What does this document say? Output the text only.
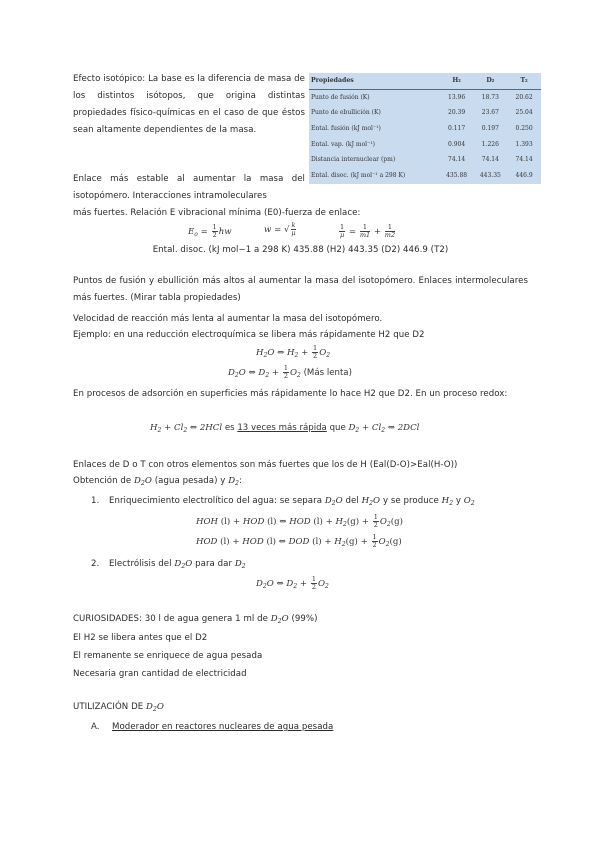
Efecto isotópico: La base es la diferencia de masa de los distintos isótopos, que origina distintas propiedades físico-químicas en el caso de que éstos sean altamente dependientes de la masa.
Propiedades	H₂	D₂	T₂
Punto de fusión (K)	13.96	18.73	20.62
Punto de ebullición (K)	20.39	23.67	25.04
Ental. fusión (kJ mol⁻¹)	0.117	0.197	0.250
Ental. vap. (kJ mol⁻¹)	0.904	1.226	1.393
Distancia internuclear (pm)	74.14	74.14	74.14
Ental. disoc. (kJ mol⁻¹ a 298 K)	435.88	443.35	446.9
Enlace más estable al aumentar la masa del isotopómero. Interacciones intramoleculares
más fuertes. Relación E vibracional mínima (E0)-fuerza de enlace:
$E_o = \frac{1}{2}$ hw	w = √ $\frac{k}{\mu}$	$\frac{1}{\mu} = \frac{1}{m1} + \frac{1}{m2}$
Ental. disoc. (kJ mol−1 a 298 K) 435.88 (H2) 443.35 (D2) 446.9 (T2)
Puntos de fusión y ebullición más altos al aumentar la masa del isotopómero. Enlaces intermoleculares más fuertes. (Mirar tabla propiedades)
Velocidad de reacción más lenta al aumentar la masa del isotopómero.
Ejemplo: en una reducción electroquímica se libera más rápidamente H2 que D2
$H_2O$ ⇔ $H_2 + \frac{1}{2} O_2$
$D_2O$ ⇔ $D_2 + \frac{1}{2} O_2$ (Más lenta)
En procesos de adsorción en superficies más rápidamente lo hace H2 que D2. En un proceso redox:
$H_2 + Cl_2$ ⇔ 2HCl es 13 veces más rápida que $D_2 + Cl_2$ ⇔ 2DCl
Enlaces de D o T con otros elementos son más fuertes que los de H (Eal(D-O)>Eal(H-O))
Obtención de $D_2O$ (agua pesada) y $D_2$:
1. Enriquecimiento electrolítico del agua: se separa $D_2O$ del $H_2O$ y se produce $H_2$ y $O_2$
HOH (l) + HOD (l) ⇔ HOD $(l) + H_2(g) + \frac{1}{2} O_2(g)$
HOD (l) + HOD (l) ⇔ DOD $(l) + H_2(g) + \frac{1}{2} O_2(g)$
2. Electrólisis del $D_2O$ para dar $D_2$
$D_2O$ ⇔ $D_2 + \frac{1}{2} O_2$
CURIOSIDADES: 30 l de agua genera 1 ml de $D_2O$ (99%)
El H2 se libera antes que el D2
El remanente se enriquece de agua pesada
Necesaria gran cantidad de electricidad
UTILIZACIÓN DE $D_2O$
A. Moderador en reactores nucleares de agua pesada
